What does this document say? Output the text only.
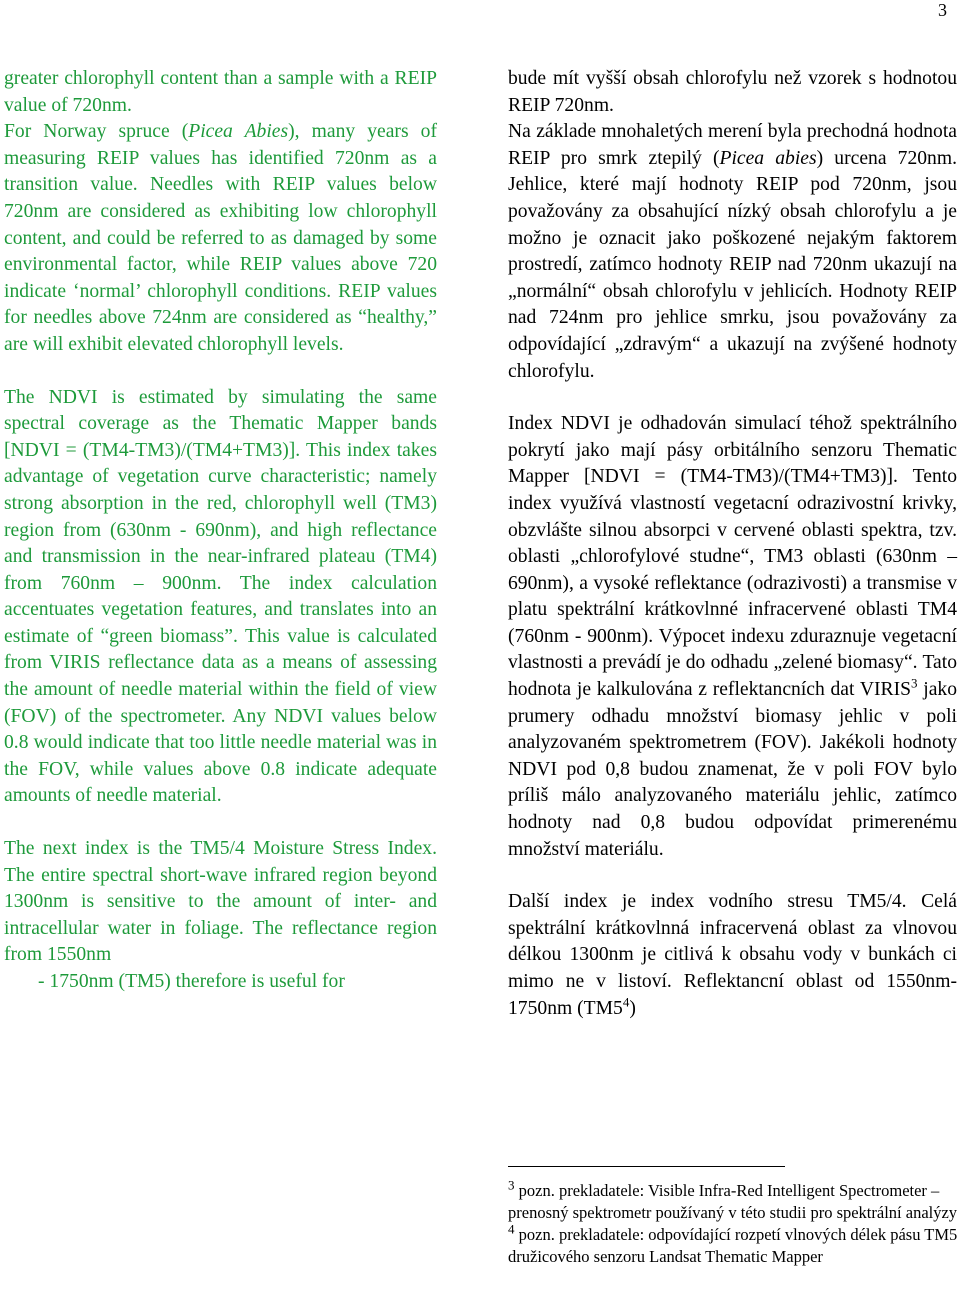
3

greater chlorophyll content than a sample with a REIP value of 720nm.

For Norway spruce (Picea Abies), many years of measuring REIP values has identified 720nm as a transition value. Needles with REIP values below 720nm are considered as exhibiting low chlorophyll content, and could be referred to as damaged by some environmental factor, while REIP values above 720 indicate ‘normal’ chlorophyll conditions. REIP values for needles above 724nm are considered as “healthy,” are will exhibit elevated chlorophyll levels.

The NDVI is estimated by simulating the same spectral coverage as the Thematic Mapper bands [NDVI = (TM4-TM3)/(TM4+TM3)]. This index takes advantage of vegetation curve characteristic; namely strong absorption in the red, chlorophyll well (TM3) region from (630nm - 690nm), and high reflectance and transmission in the near-infrared plateau (TM4) from 760nm – 900nm. The index calculation accentuates vegetation features, and translates into an estimate of “green biomass”. This value is calculated from VIRIS reflectance data as a means of assessing the amount of needle material within the field of view (FOV) of the spectrometer. Any NDVI values below 0.8 would indicate that too little needle material was in the FOV, while values above 0.8 indicate adequate amounts of needle material.

The next index is the TM5/4 Moisture Stress Index. The entire spectral short-wave infrared region beyond 1300nm is sensitive to the amount of inter- and intracellular water in foliage. The reflectance region from 1550nm

- 1750nm (TM5) therefore is useful for

bude mít vyšší obsah chlorofylu než vzorek s hodnotou REIP 720nm.

Na základe mnohaletých merení byla prechodná hodnota REIP pro smrk ztepilý (Picea abies) urcena 720nm. Jehlice, které mají hodnoty REIP pod 720nm, jsou považovány za obsahující nízký obsah chlorofylu a je možno je oznacit jako poškozené nejakým faktorem prostredí, zatímco hodnoty REIP nad 720nm ukazují na „normální“ obsah chlorofylu v jehlicích. Hodnoty REIP nad 724nm pro jehlice smrku, jsou považovány za odpovídající „zdravým“ a ukazují na zvýšené hodnoty chlorofylu.

Index NDVI je odhadován simulací téhož spektrálního pokrytí jako mají pásy orbitálního senzoru Thematic Mapper [NDVI = (TM4-TM3)/(TM4+TM3)]. Tento index využívá vlastností vegetacní odrazivostní krivky, obzvlášte silnou absorpci v cervené oblasti spektra, tzv. oblasti „chlorofylové studne“, TM3 oblasti (630nm – 690nm), a vysoké reflektance (odrazivosti) a transmise v platu spektrální krátkovlnné infracervené oblasti TM4 (760nm - 900nm). Výpocet indexu zduraznuje vegetacní vlastnosti a prevádí je do odhadu „zelené biomasy“. Tato hodnota je kalkulována z reflektancních dat VIRIS$^3$ jako prumery odhadu množství biomasy jehlic v poli analyzovaném spektrometrem (FOV). Jakékoli hodnoty NDVI pod 0,8 budou znamenat, že v poli FOV bylo príliš málo analyzovaného materiálu jehlic, zatímco hodnoty nad 0,8 budou odpovídat primerenému množství materiálu.

Další index je index vodního stresu TM5/4. Celá spektrální krátkovlnná infracervená oblast za vlnovou délkou 1300nm je citlivá k obsahu vody v bunkách ci mimo ne v listoví. Reflektancní oblast od 1550nm-1750nm $(TM5^4)$

$^3$ pozn. prekladatele: Visible Infra-Red Intelligent Spectrometer – prenosný spektrometr používaný v této studii pro spektrální analýzy

$^4$ pozn. prekladatele: odpovídající rozpetí vlnových délek pásu TM5 družicového senzoru Landsat Thematic Mapper
